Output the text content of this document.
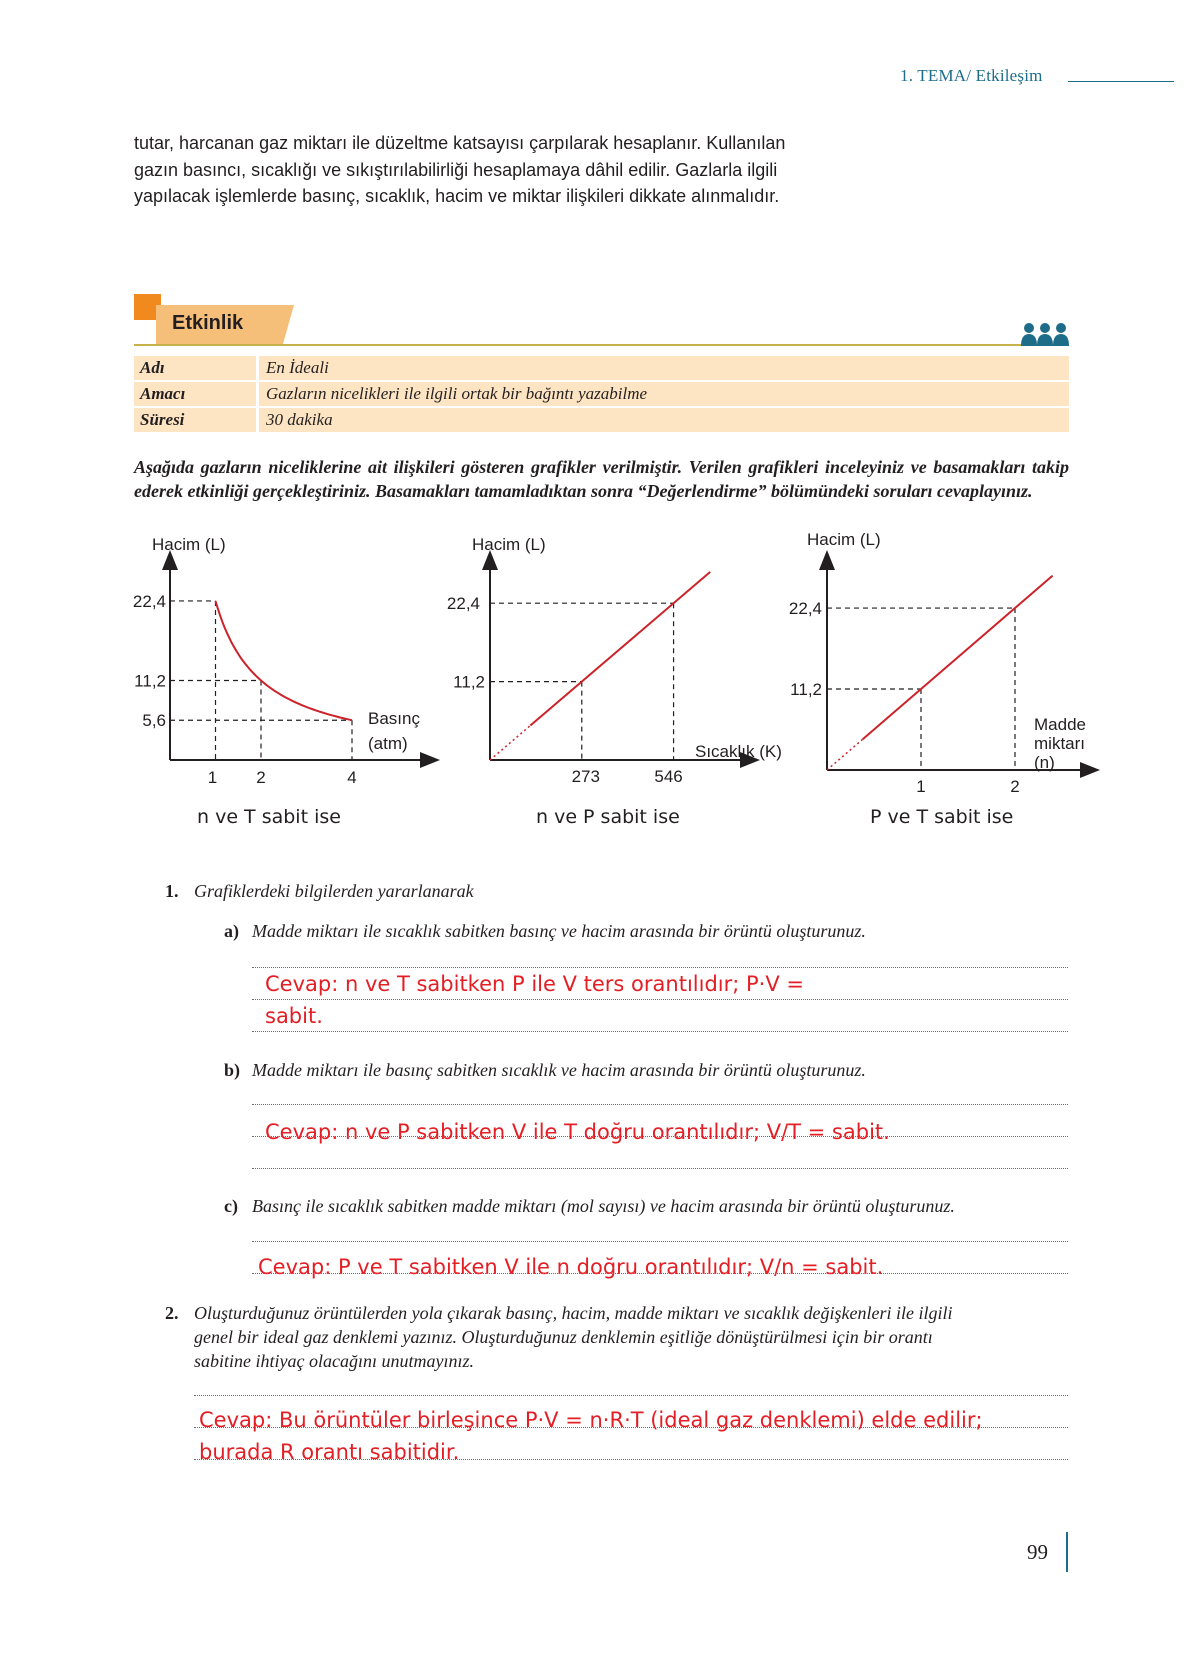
1. TEMA/ Etkileşim

tutar, harcanan gaz miktarı ile düzeltme katsayısı çarpılarak hesaplanır. Kullanılan

gazın basıncı, sıcaklığı ve sıkıştırılabilirliği hesaplamaya dâhil edilir. Gazlarla ilgili

yapılacak işlemlerde basınç, sıcaklık, hacim ve miktar ilişkileri dikkate alınmalıdır.

Etkinlik
Adı	En İdeali
Amacı	Gazların nicelikleri ile ilgili ortak bir bağıntı yazabilme
Süresi	30 dakika
Aşağıda gazların niceliklerine ait ilişkileri gösteren grafikler verilmiştir. Verilen grafikleri inceleyiniz ve basamakları takip ederek etkinliği gerçekleştiriniz. Basamakları tamamladıktan sonra “Değerlendirme” bölümündeki soruları cevaplayınız.
Hacim (L)
22,4
11,2
5,6
1 2	4
Basınç
(atm)
n ve T sabit ise
Hacim (L)
22,4
11,2
273	546
Sıcaklık (K)
n ve P sabit ise
Hacim (L)
22,4
11,2
1	2
Madde
miktarı
(n)
P ve T sabit ise
1. Grafiklerdeki bilgilerden yararlanarak
a) Madde miktarı ile sıcaklık sabitken basınç ve hacim arasında bir örüntü oluşturunuz.
Cevap: n ve T sabitken P ile V ters orantılıdır; P·V =
sabit.
b) Madde miktarı ile basınç sabitken sıcaklık ve hacim arasında bir örüntü oluşturunuz.
Cevap: n ve P sabitken V ile T doğru orantılıdır; V/T = sabit.
c) Basınç ile sıcaklık sabitken madde miktarı (mol sayısı) ve hacim arasında bir örüntü oluşturunuz.
Cevap: P ve T sabitken V ile n doğru orantılıdır; V/n = sabit.
2. Oluşturduğunuz örüntülerden yola çıkarak basınç, hacim, madde miktarı ve sıcaklık değişkenleri ile ilgili
genel bir ideal gaz denklemi yazınız. Oluşturduğunuz denklemin eşitliğe dönüştürülmesi için bir orantı
sabitine ihtiyaç olacağını unutmayınız.
Cevap: Bu örüntüler birleşince P·V = n·R·T (ideal gaz denklemi) elde edilir;
burada R orantı sabitidir.
99
